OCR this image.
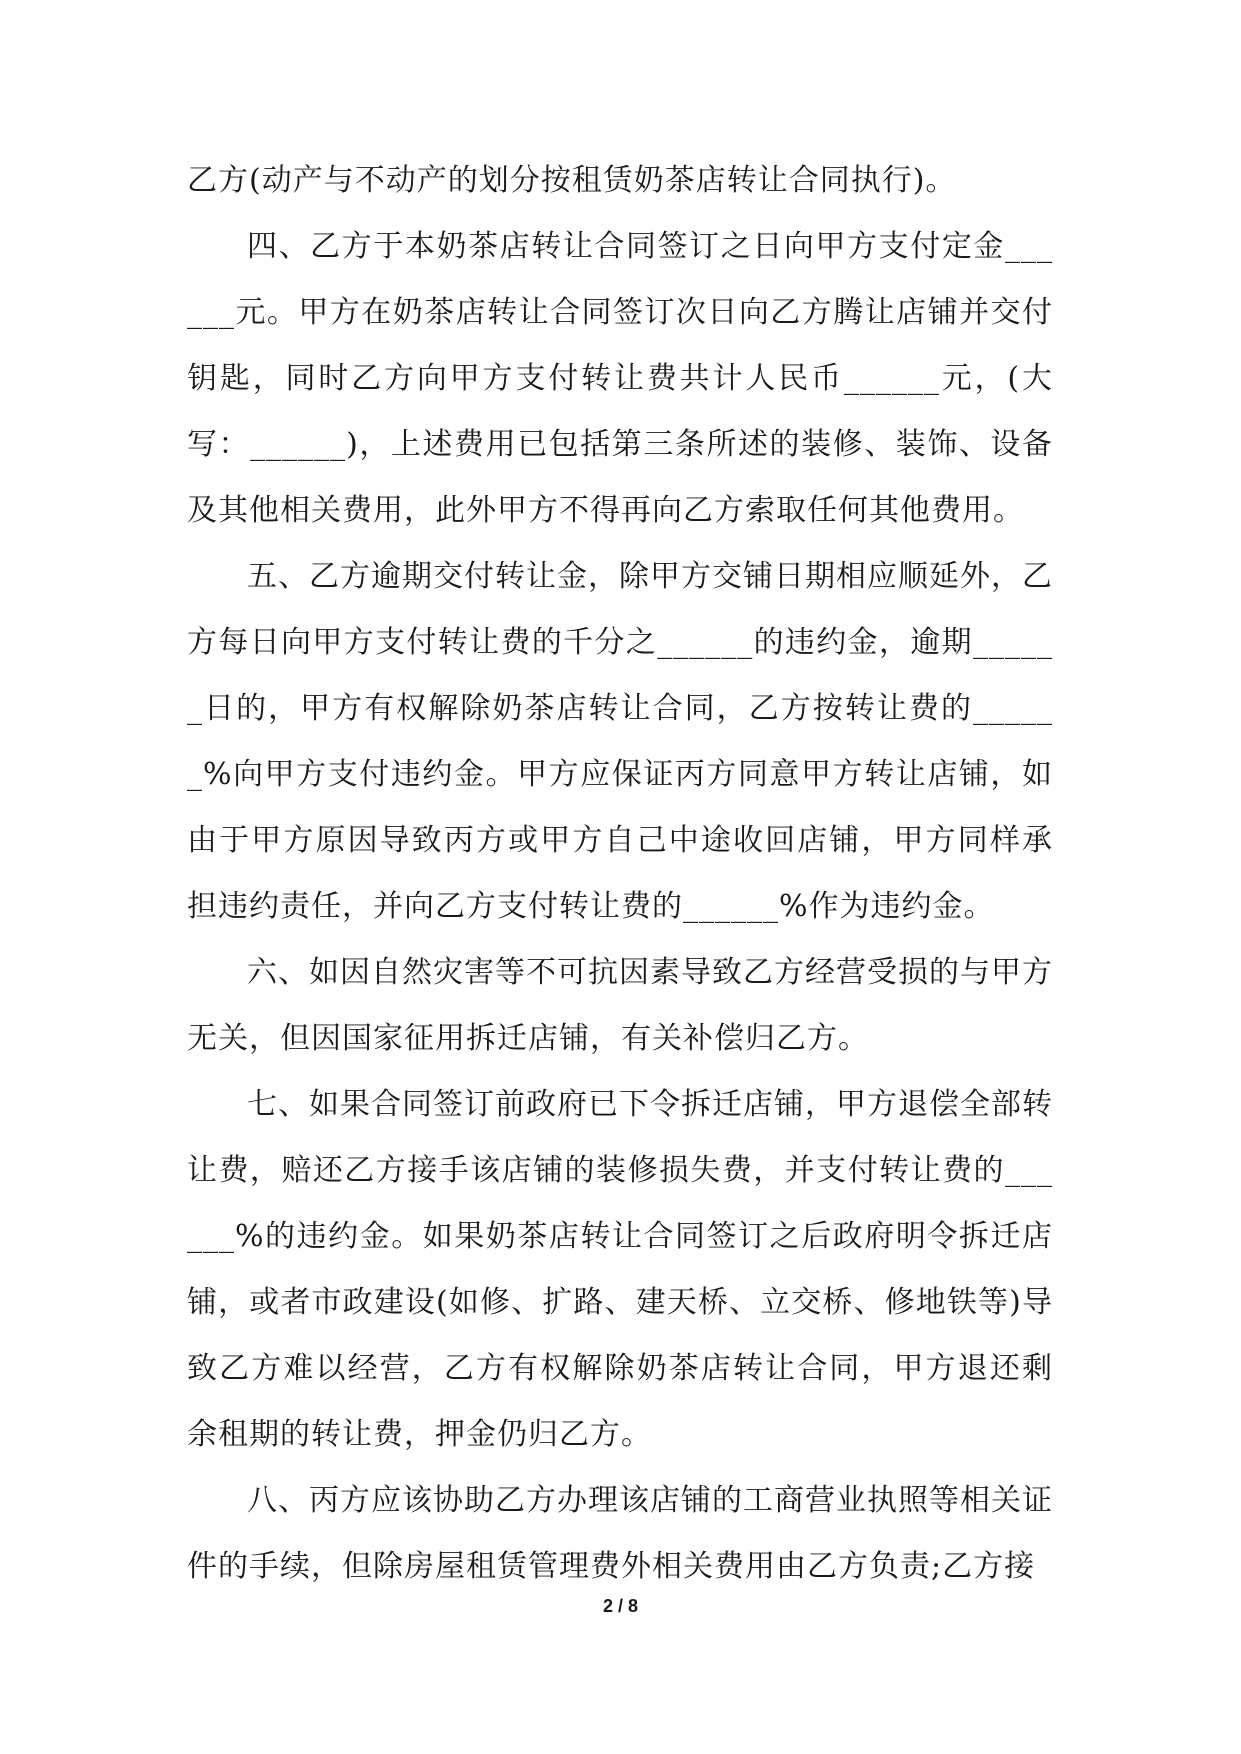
乙方(动产与不动产的划分按租赁奶茶店转让合同执行)。

四、乙方于本奶茶店转让合同签订之日向甲方支付定金______元。甲方在奶茶店转让合同签订次日向乙方腾让店铺并交付钥匙，同时乙方向甲方支付转让费共计人民币______元，(大写：______)，上述费用已包括第三条所述的装修、装饰、设备及其他相关费用，此外甲方不得再向乙方索取任何其他费用。

五、乙方逾期交付转让金，除甲方交铺日期相应顺延外，乙方每日向甲方支付转让费的千分之______的违约金，逾期______日的，甲方有权解除奶茶店转让合同，乙方按转让费的______%向甲方支付违约金。甲方应保证丙方同意甲方转让店铺，如由于甲方原因导致丙方或甲方自己中途收回店铺，甲方同样承担违约责任，并向乙方支付转让费的______%作为违约金。

六、如因自然灾害等不可抗因素导致乙方经营受损的与甲方无关，但因国家征用拆迁店铺，有关补偿归乙方。

七、如果合同签订前政府已下令拆迁店铺，甲方退偿全部转让费，赔还乙方接手该店铺的装修损失费，并支付转让费的______%的违约金。如果奶茶店转让合同签订之后政府明令拆迁店铺，或者市政建设(如修、扩路、建天桥、立交桥、修地铁等)导致乙方难以经营，乙方有权解除奶茶店转让合同，甲方退还剩余租期的转让费，押金仍归乙方。

八、丙方应该协助乙方办理该店铺的工商营业执照等相关证件的手续，但除房屋租赁管理费外相关费用由乙方负责;乙方接

2 / 8
